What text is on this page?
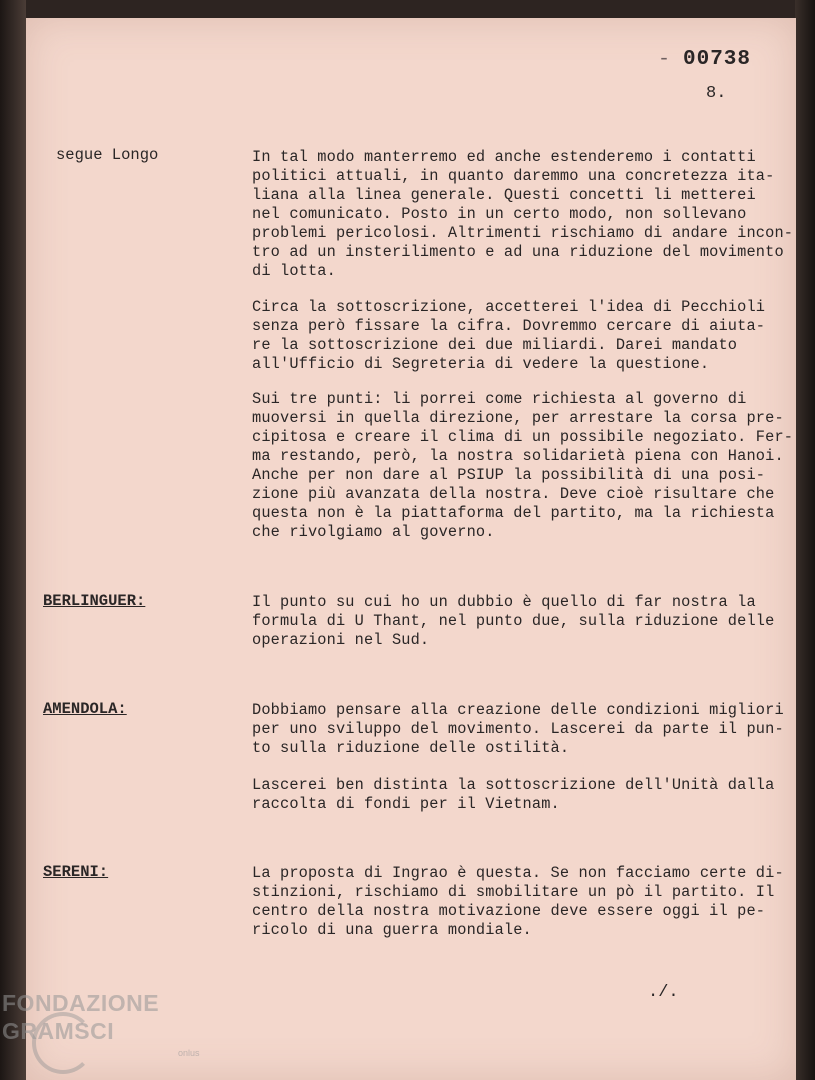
- 00738
8.
segue Longo	In tal modo manterremo ed anche estenderemo i contatti
politici attuali, in quanto daremmo una concretezza ita-
liana alla linea generale. Questi concetti li metterei
nel comunicato. Posto in un certo modo, non sollevano
problemi pericolosi. Altrimenti rischiamo di andare incon-
tro ad un insterilimento e ad una riduzione del movimento
di lotta.
Circa la sottoscrizione, accetterei l'idea di Pecchioli
senza però fissare la cifra. Dovremmo cercare di aiuta-
re la sottoscrizione dei due miliardi. Darei mandato
all'Ufficio di Segreteria di vedere la questione.
Sui tre punti: li porrei come richiesta al governo di
muoversi in quella direzione, per arrestare la corsa pre-
cipitosa e creare il clima di un possibile negoziato. Fer-
ma restando, però, la nostra solidarietà piena con Hanoi.
Anche per non dare al PSIUP la possibilità di una posi-
zione più avanzata della nostra. Deve cioè risultare che
questa non è la piattaforma del partito, ma la richiesta
che rivolgiamo al governo.
BERLINGUER:	Il punto su cui ho un dubbio è quello di far nostra la
formula di U Thant, nel punto due, sulla riduzione delle
operazioni nel Sud.
AMENDOLA:	Dobbiamo pensare alla creazione delle condizioni migliori
per uno sviluppo del movimento. Lascerei da parte il pun-
to sulla riduzione delle ostilità.
Lascerei ben distinta la sottoscrizione dell'Unità dalla
raccolta di fondi per il Vietnam.
SERENI:	La proposta di Ingrao è questa. Se non facciamo certe di-
stinzioni, rischiamo di smobilitare un pò il partito. Il
centro della nostra motivazione deve essere oggi il pe-
ricolo di una guerra mondiale.
./.
FONDAZIONE
GRAMSCI
onlus
